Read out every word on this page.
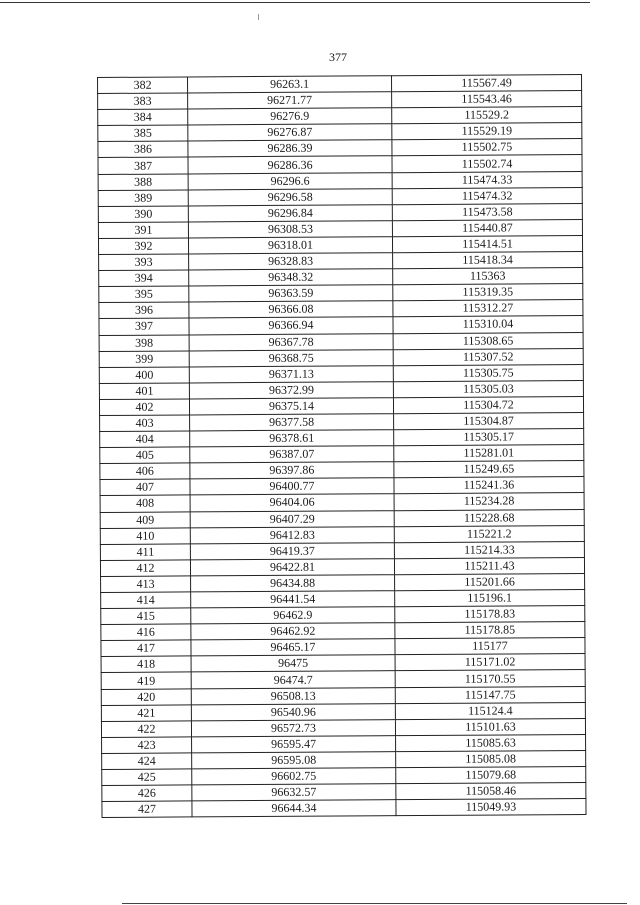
377
382	96263.1	115567.49
383	96271.77	115543.46
384	96276.9	115529.2
385	96276.87	115529.19
386	96286.39	115502.75
387	96286.36	115502.74
388	96296.6	115474.33
389	96296.58	115474.32
390	96296.84	115473.58
391	96308.53	115440.87
392	96318.01	115414.51
393	96328.83	115418.34
394	96348.32	115363
395	96363.59	115319.35
396	96366.08	115312.27
397	96366.94	115310.04
398	96367.78	115308.65
399	96368.75	115307.52
400	96371.13	115305.75
401	96372.99	115305.03
402	96375.14	115304.72
403	96377.58	115304.87
404	96378.61	115305.17
405	96387.07	115281.01
406	96397.86	115249.65
407	96400.77	115241.36
408	96404.06	115234.28
409	96407.29	115228.68
410	96412.83	115221.2
411	96419.37	115214.33
412	96422.81	115211.43
413	96434.88	115201.66
414	96441.54	115196.1
415	96462.9	115178.83
416	96462.92	115178.85
417	96465.17	115177
418	96475	115171.02
419	96474.7	115170.55
420	96508.13	115147.75
421	96540.96	115124.4
422	96572.73	115101.63
423	96595.47	115085.63
424	96595.08	115085.08
425	96602.75	115079.68
426	96632.57	115058.46
427	96644.34	115049.93
